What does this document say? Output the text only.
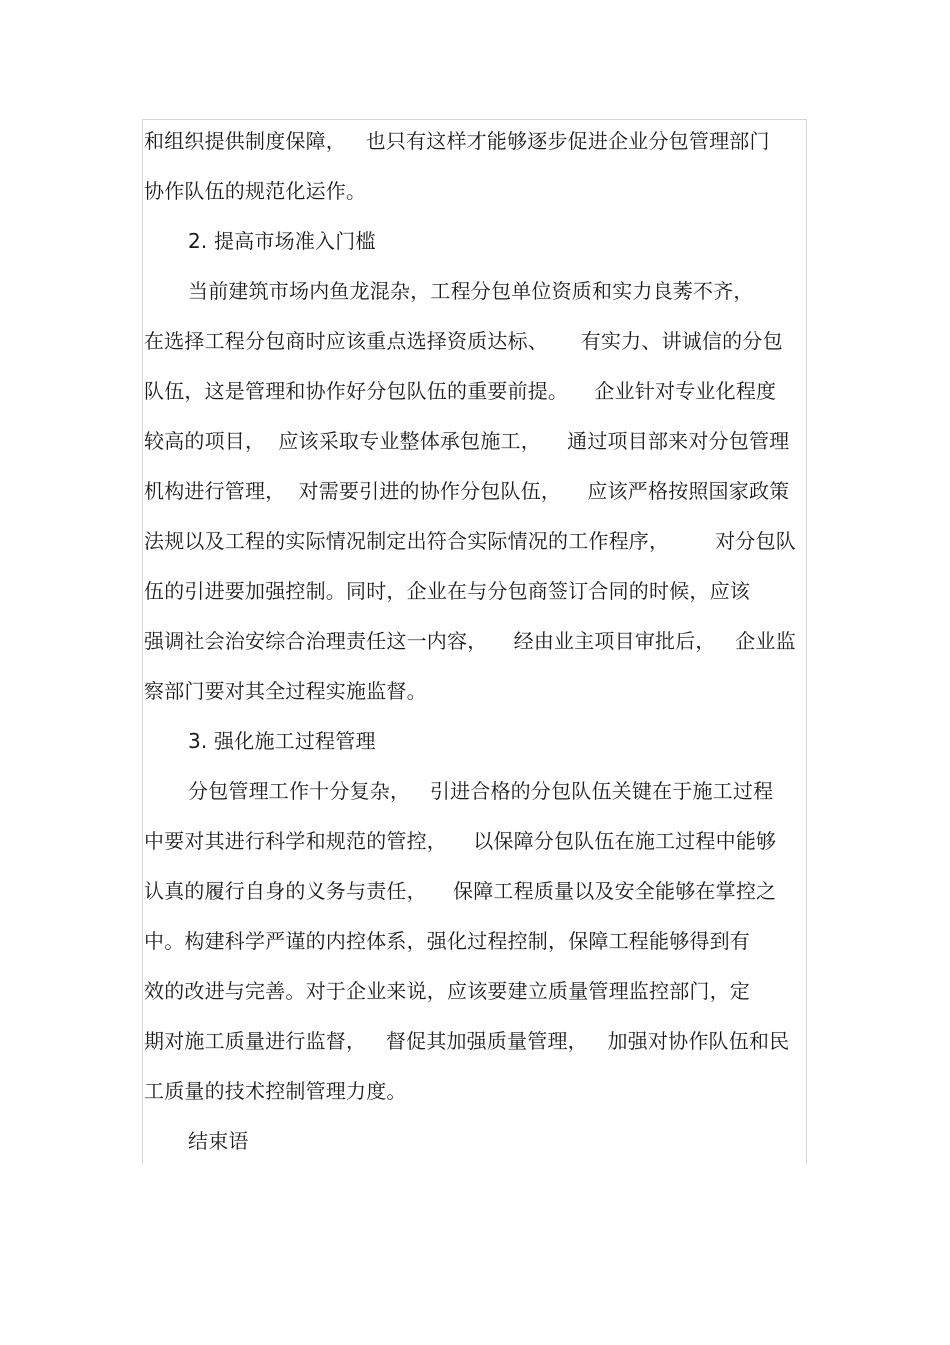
和组织提供制度保障，   也只有这样才能够逐步促进企业分包管理部门
协作队伍的规范化运作。
2. 提高市场准入门槛
当前建筑市场内鱼龙混杂，工程分包单位资质和实力良莠不齐，
在选择工程分包商时应该重点选择资质达标、     有实力、讲诚信的分包
队伍，这是管理和协作好分包队伍的重要前提。    企业针对专业化程度
较高的项目，  应该采取专业整体承包施工，    通过项目部来对分包管理
机构进行管理，  对需要引进的协作分包队伍，    应该严格按照国家政策
法规以及工程的实际情况制定出符合实际情况的工作程序，       对分包队
伍的引进要加强控制。同时，企业在与分包商签订合同的时候，应该
强调社会治安综合治理责任这一内容，    经由业主项目审批后，   企业监
察部门要对其全过程实施监督。
3. 强化施工过程管理
分包管理工作十分复杂，   引进合格的分包队伍关键在于施工过程
中要对其进行科学和规范的管控，    以保障分包队伍在施工过程中能够
认真的履行自身的义务与责任，    保障工程质量以及安全能够在掌控之
中。构建科学严谨的内控体系，强化过程控制，保障工程能够得到有
效的改进与完善。对于企业来说，应该要建立质量管理监控部门，定
期对施工质量进行监督，   督促其加强质量管理，   加强对协作队伍和民
工质量的技术控制管理力度。
结束语
